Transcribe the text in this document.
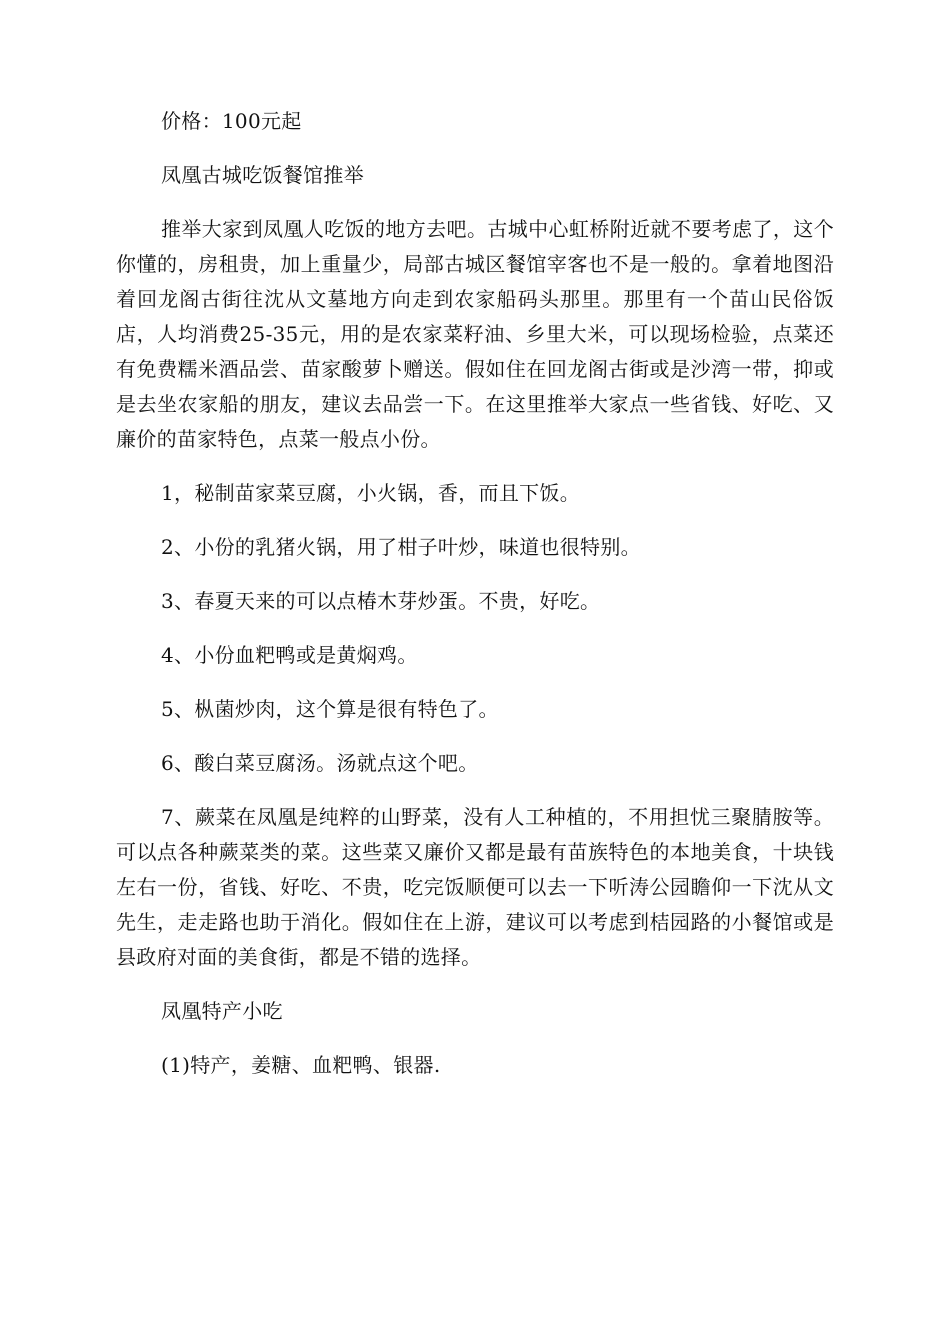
价格：100元起

凤凰古城吃饭餐馆推举

推举大家到凤凰人吃饭的地方去吧。古城中心虹桥附近就不要考虑了，这个你懂的，房租贵，加上重量少，局部古城区餐馆宰客也不是一般的。拿着地图沿着回龙阁古街往沈从文墓地方向走到农家船码头那里。那里有一个苗山民俗饭店，人均消费25-35元，用的是农家菜籽油、乡里大米，可以现场检验，点菜还有免费糯米酒品尝、苗家酸萝卜赠送。假如住在回龙阁古街或是沙湾一带，抑或是去坐农家船的朋友，建议去品尝一下。在这里推举大家点一些省钱、好吃、又廉价的苗家特色，点菜一般点小份。

1，秘制苗家菜豆腐，小火锅，香，而且下饭。

2、小份的乳猪火锅，用了柑子叶炒，味道也很特别。

3、春夏天来的可以点椿木芽炒蛋。不贵，好吃。

4、小份血粑鸭或是黄焖鸡。

5、枞菌炒肉，这个算是很有特色了。

6、酸白菜豆腐汤。汤就点这个吧。

7、蕨菜在凤凰是纯粹的山野菜，没有人工种植的，不用担忧三聚腈胺等。可以点各种蕨菜类的菜。这些菜又廉价又都是最有苗族特色的本地美食，十块钱左右一份，省钱、好吃、不贵，吃完饭顺便可以去一下听涛公园瞻仰一下沈从文先生，走走路也助于消化。假如住在上游，建议可以考虑到桔园路的小餐馆或是县政府对面的美食街，都是不错的选择。

凤凰特产小吃

(1)特产，姜糖、血粑鸭、银器.
